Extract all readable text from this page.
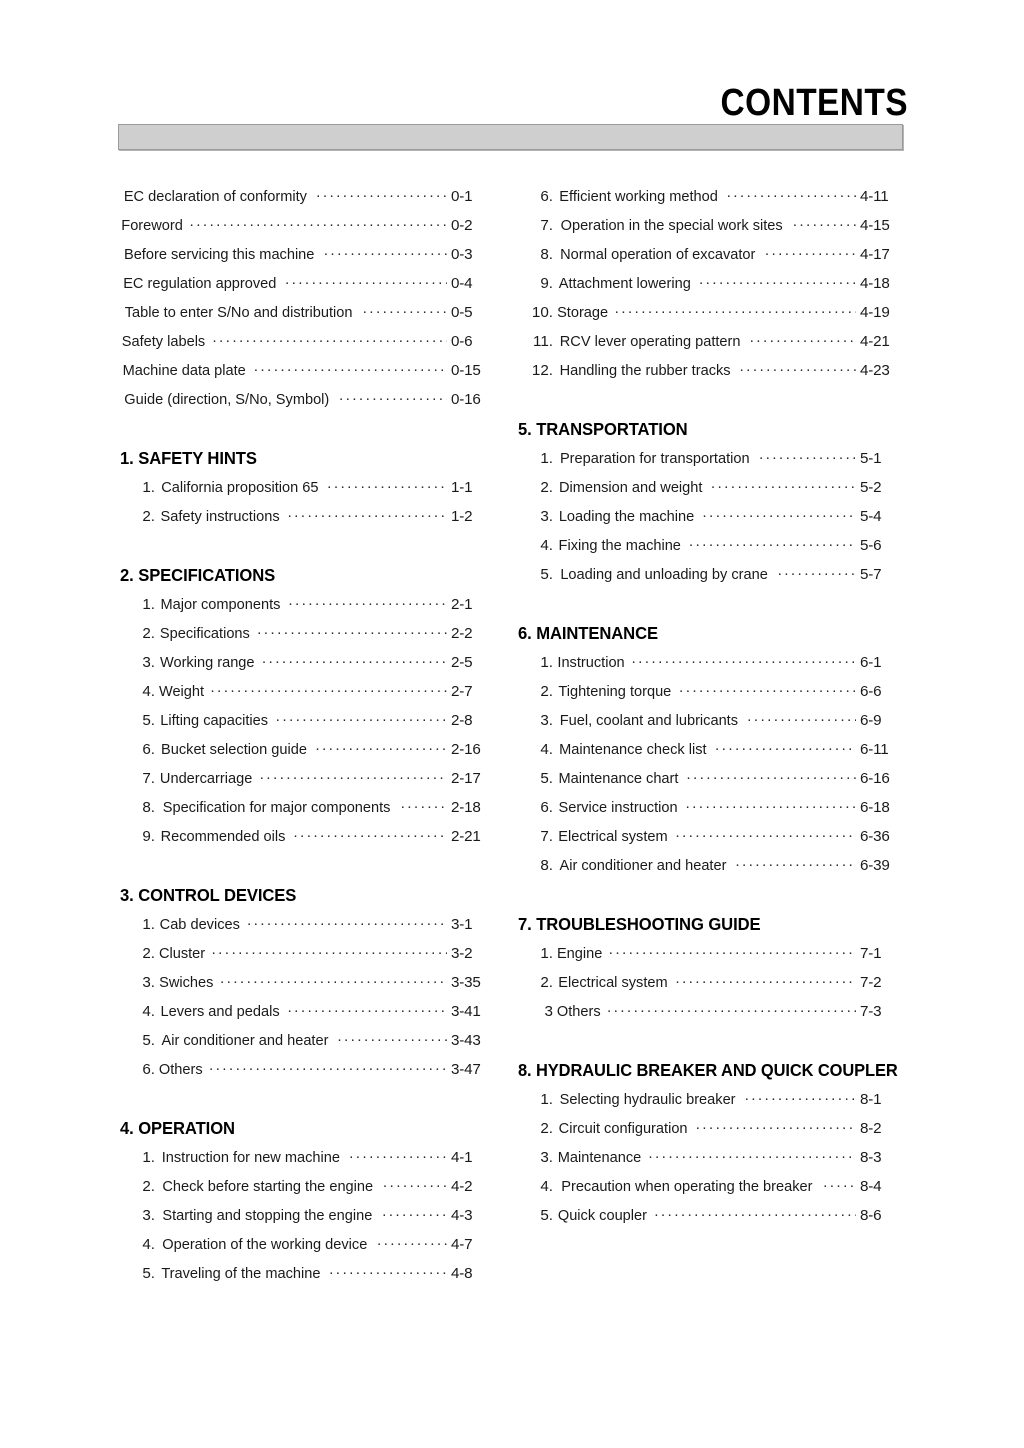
CONTENTS
EC declaration of conformity ·····	0-1
Foreword ·····	0-2
Before servicing this machine ·····	0-3
EC regulation approved ·····	0-4
Table to enter S/No and distribution ·····	0-5
Safety labels ·····	0-6
Machine data plate ·····	0-15
Guide (direction, S/No, Symbol) ·····	0-16
1. SAFETY HINTS
1. California proposition 65 ·····	1-1
2. Safety instructions ·····	1-2
2. SPECIFICATIONS
1. Major components ·····	2-1
2. Specifications ·····	2-2
3. Working range ·····	2-5
4. Weight ·····	2-7
5. Lifting capacities ·····	2-8
6. Bucket selection guide ·····	2-16
7. Undercarriage ·····	2-17
8. Specification for major components ·····	2-18
9. Recommended oils ·····	2-21
3. CONTROL DEVICES
1. Cab devices ·····	3-1
2. Cluster ·····	3-2
3. Swiches ·····	3-35
4. Levers and pedals ·····	3-41
5. Air conditioner and heater ·····	3-43
6. Others ·····	3-47
4. OPERATION
1. Instruction for new machine ·····	4-1
2. Check before starting the engine ·····	4-2
3. Starting and stopping the engine ·····	4-3
4. Operation of the working device ·····	4-7
5. Traveling of the machine ·····	4-8
6. Efficient working method ·····	4-11
7. Operation in the special work sites ·····	4-15
8. Normal operation of excavator ·····	4-17
9. Attachment lowering ·····	4-18
10. Storage ·····	4-19
11. RCV lever operating pattern ·····	4-21
12. Handling the rubber tracks ·····	4-23
5. TRANSPORTATION
1. Preparation for transportation ·····	5-1
2. Dimension and weight ·····	5-2
3. Loading the machine ·····	5-4
4. Fixing the machine ·····	5-6
5. Loading and unloading by crane ·····	5-7
6. MAINTENANCE
1. Instruction ·····	6-1
2. Tightening torque ·····	6-6
3. Fuel, coolant and lubricants ·····	6-9
4. Maintenance check list ·····	6-11
5. Maintenance chart ·····	6-16
6. Service instruction ·····	6-18
7. Electrical system ·····	6-36
8. Air conditioner and heater ·····	6-39
7. TROUBLESHOOTING GUIDE
1. Engine ·····	7-1
2. Electrical system ·····	7-2
3 Others ·····	7-3
8. HYDRAULIC BREAKER AND QUICK COUPLER
1. Selecting hydraulic breaker ·····	8-1
2. Circuit configuration ·····	8-2
3. Maintenance ·····	8-3
4. Precaution when operating the breaker ·····	8-4
5. Quick coupler ·····	8-6
